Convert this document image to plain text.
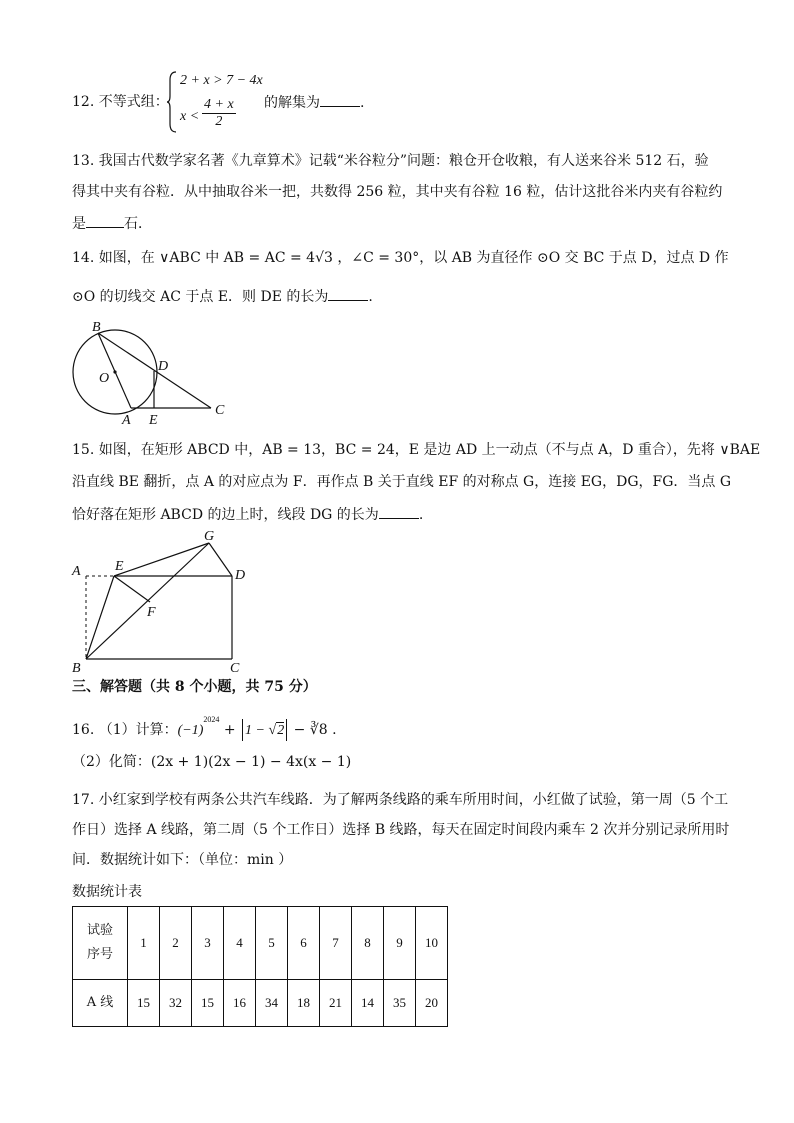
12. 不等式组：
2 + x > 7 − 4x
$x < \frac{4 + x}{2}$ 的解集为	.
13. 我国古代数学家名著《九章算术》记载“米谷粒分”问题：粮仓开仓收粮，有人送来谷米 512 石，验
得其中夹有谷粒．从中抽取谷米一把，共数得 256 粒，其中夹有谷粒 16 粒，估计这批谷米内夹有谷粒约
是	石．
14. 如图，在 ∨ABC 中 AB = AC = 4√3 ，∠C = 30°，以 AB 为直径作 ⊙O 交 BC 于点 D，过点 D 作
⊙O 的切线交 AC 于点 E．则 DE 的长为	.
B
O
D
A E
C
15. 如图，在矩形 ABCD 中，AB = 13，BC = 24，E 是边 AD 上一动点（不与点 A，D 重合），先将 ∨BAE
沿直线 BE 翻折，点 A 的对应点为 F．再作点 B 关于直线 EF 的对称点 G，连接 EG，DG，FG．当点 G
恰好落在矩形 ABCD 的边上时，线段 DG 的长为	.
G
A E
D
F
B	C
三、解答题（共 8 个小题，共 75 分）
16. （1）计算：$(-1)^{2024} + 1 - √2$ − ∛8 .
（2）化简：(2x + 1)(2x − 1) − 4x(x − 1)
17. 小红家到学校有两条公共汽车线路．为了解两条线路的乘车所用时间，小红做了试验，第一周（5 个工
作日）选择 A 线路，第二周（5 个工作日）选择 B 线路，每天在固定时间段内乘车 2 次并分别记录所用时
间．数据统计如下：（单位：min ）
数据统计表
试验
序号	1	2	3	4	5	6	7	8	9	10
A 线	15	32	15	16	34	18	21	14	35	20
